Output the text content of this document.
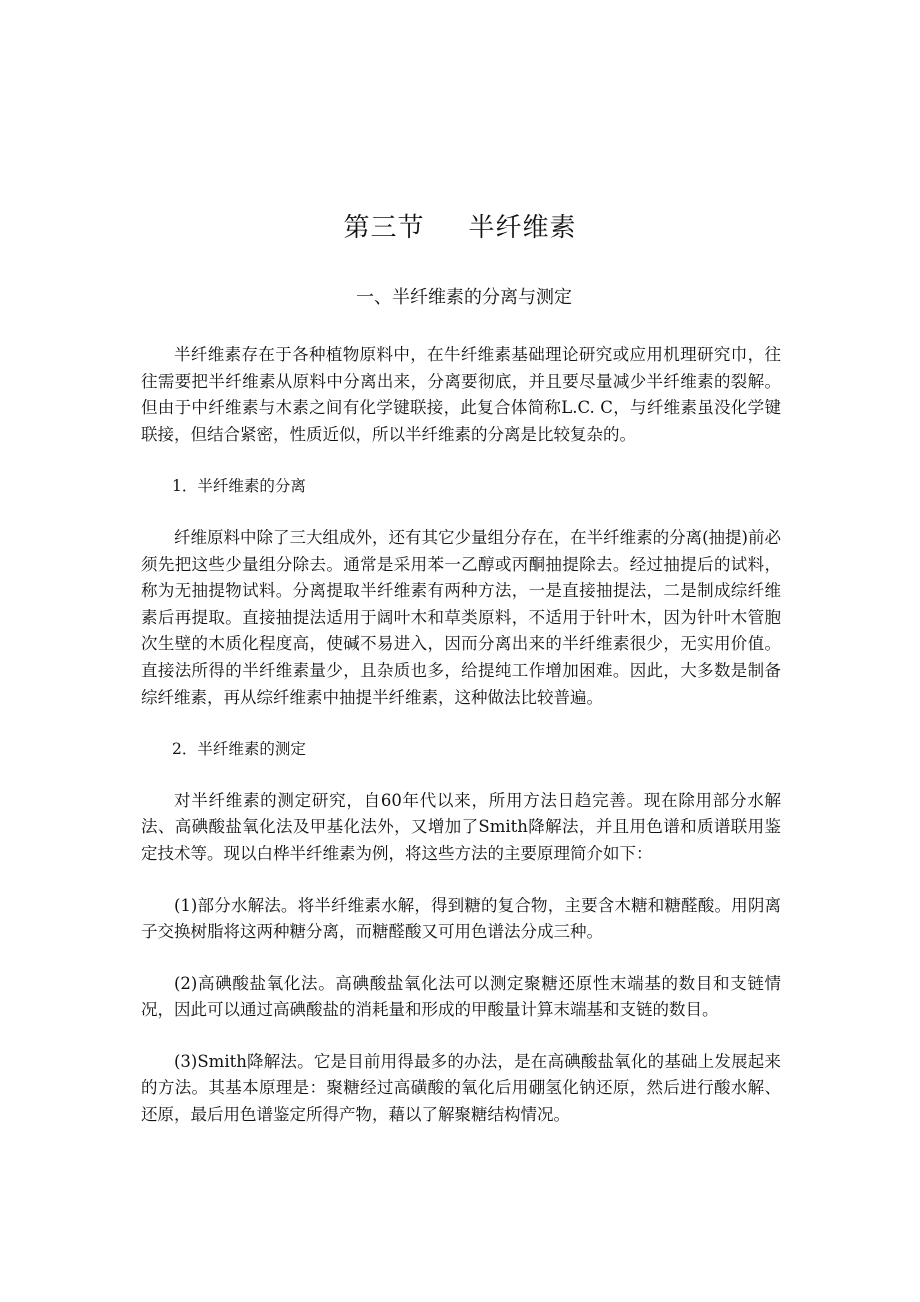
第三节 半纤维素
一、半纤维素的分离与测定

半纤维素存在于各种植物原料中，在牛纤维素基础理论研究或应用机理研究巾，往往需要把半纤维素从原料中分离出来，分离要彻底，并且要尽量减少半纤维素的裂解。但由于中纤维素与木素之间有化学键联接，此复合体简称L.C. C，与纤维素虽没化学键联接，但结合紧密，性质近似，所以半纤维素的分离是比较复杂的。

1．半纤维素的分离

纤维原料中除了三大组成外，还有其它少量组分存在，在半纤维素的分离(抽提)前必须先把这些少量组分除去。通常是采用苯一乙醇或丙酮抽提除去。经过抽提后的试料，称为无抽提物试料。分离提取半纤维素有两种方法，一是直接抽提法，二是制成综纤维素后再提取。直接抽提法适用于阔叶木和草类原料，不适用于针叶木，因为针叶木管胞次生壁的木质化程度高，使碱不易进入，因而分离出来的半纤维素很少，无实用价值。直接法所得的半纤维素量少，且杂质也多，给提纯工作增加困难。因此，大多数是制备综纤维素，再从综纤维素中抽提半纤维素，这种做法比较普遍。

2．半纤维素的测定

对半纤维素的测定研究，自60年代以来，所用方法日趋完善。现在除用部分水解法、高碘酸盐氧化法及甲基化法外，又增加了Smith降解法，并且用色谱和质谱联用鉴定技术等。现以白桦半纤维素为例，将这些方法的主要原理简介如下：

(1)部分水解法。将半纤维素水解，得到糖的复合物，主要含木糖和糖醛酸。用阴离子交换树脂将这两种糖分离，而糖醛酸又可用色谱法分成三种。

(2)高碘酸盐氧化法。高碘酸盐氧化法可以测定聚糖还原性末端基的数目和支链情况，因此可以通过高碘酸盐的消耗量和形成的甲酸量计算末端基和支链的数目。

(3)Smith降解法。它是目前用得最多的办法，是在高碘酸盐氧化的基础上发展起来的方法。其基本原理是：聚糖经过高磺酸的氧化后用硼氢化钠还原，然后进行酸水解、还原，最后用色谱鉴定所得产物，藉以了解聚糖结构情况。
